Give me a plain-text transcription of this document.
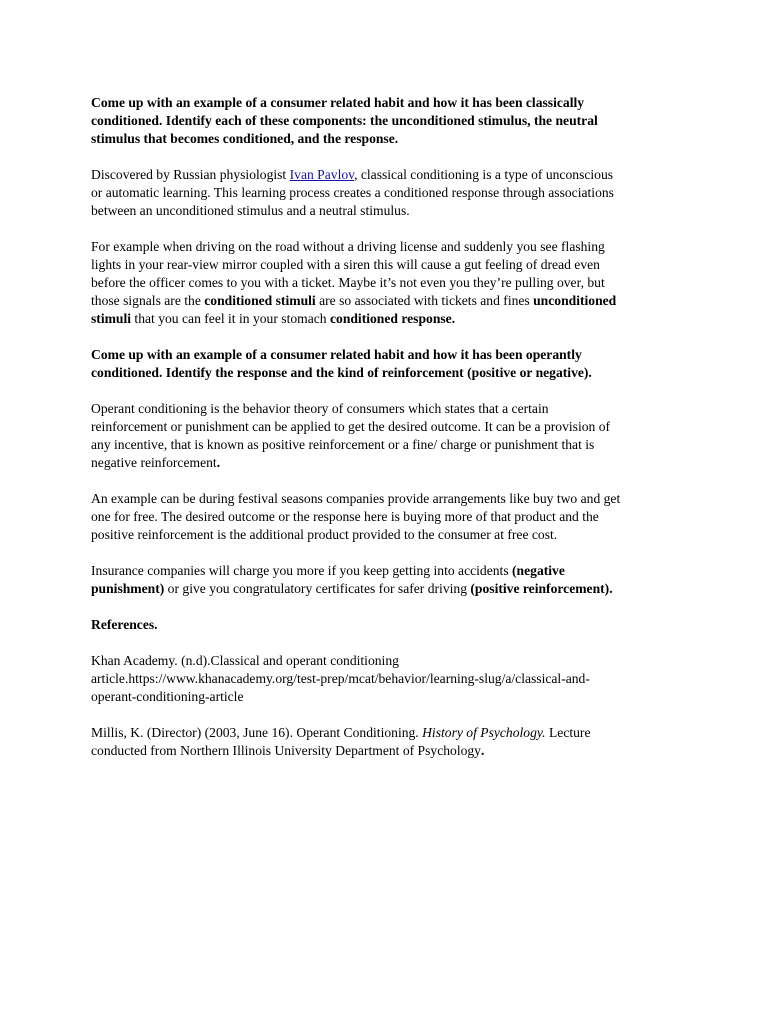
Come up with an example of a consumer related habit and how it has been classically
conditioned. Identify each of these components: the unconditioned stimulus, the neutral
stimulus that becomes conditioned, and the response.
Discovered by Russian physiologist Ivan Pavlov, classical conditioning is a type of unconscious
or automatic learning. This learning process creates a conditioned response through associations
between an unconditioned stimulus and a neutral stimulus.
For example when driving on the road without a driving license and suddenly you see flashing
lights in your rear-view mirror coupled with a siren this will cause a gut feeling of dread even
before the officer comes to you with a ticket. Maybe it’s not even you they’re pulling over, but
those signals are the conditioned stimuli are so associated with tickets and fines unconditioned
stimuli that you can feel it in your stomach conditioned response.
Come up with an example of a consumer related habit and how it has been operantly
conditioned. Identify the response and the kind of reinforcement (positive or negative).
Operant conditioning is the behavior theory of consumers which states that a certain
reinforcement or punishment can be applied to get the desired outcome. It can be a provision of
any incentive, that is known as positive reinforcement or a fine/ charge or punishment that is
negative reinforcement.
An example can be during festival seasons companies provide arrangements like buy two and get
one for free. The desired outcome or the response here is buying more of that product and the
positive reinforcement is the additional product provided to the consumer at free cost.
Insurance companies will charge you more if you keep getting into accidents (negative
punishment) or give you congratulatory certificates for safer driving (positive reinforcement).
References.
Khan Academy. (n.d).Classical and operant conditioning
article.https://www.khanacademy.org/test-prep/mcat/behavior/learning-slug/a/classical-and-
operant-conditioning-article
Millis, K. (Director) (2003, June 16). Operant Conditioning. History of Psychology. Lecture
conducted from Northern Illinois University Department of Psychology.
